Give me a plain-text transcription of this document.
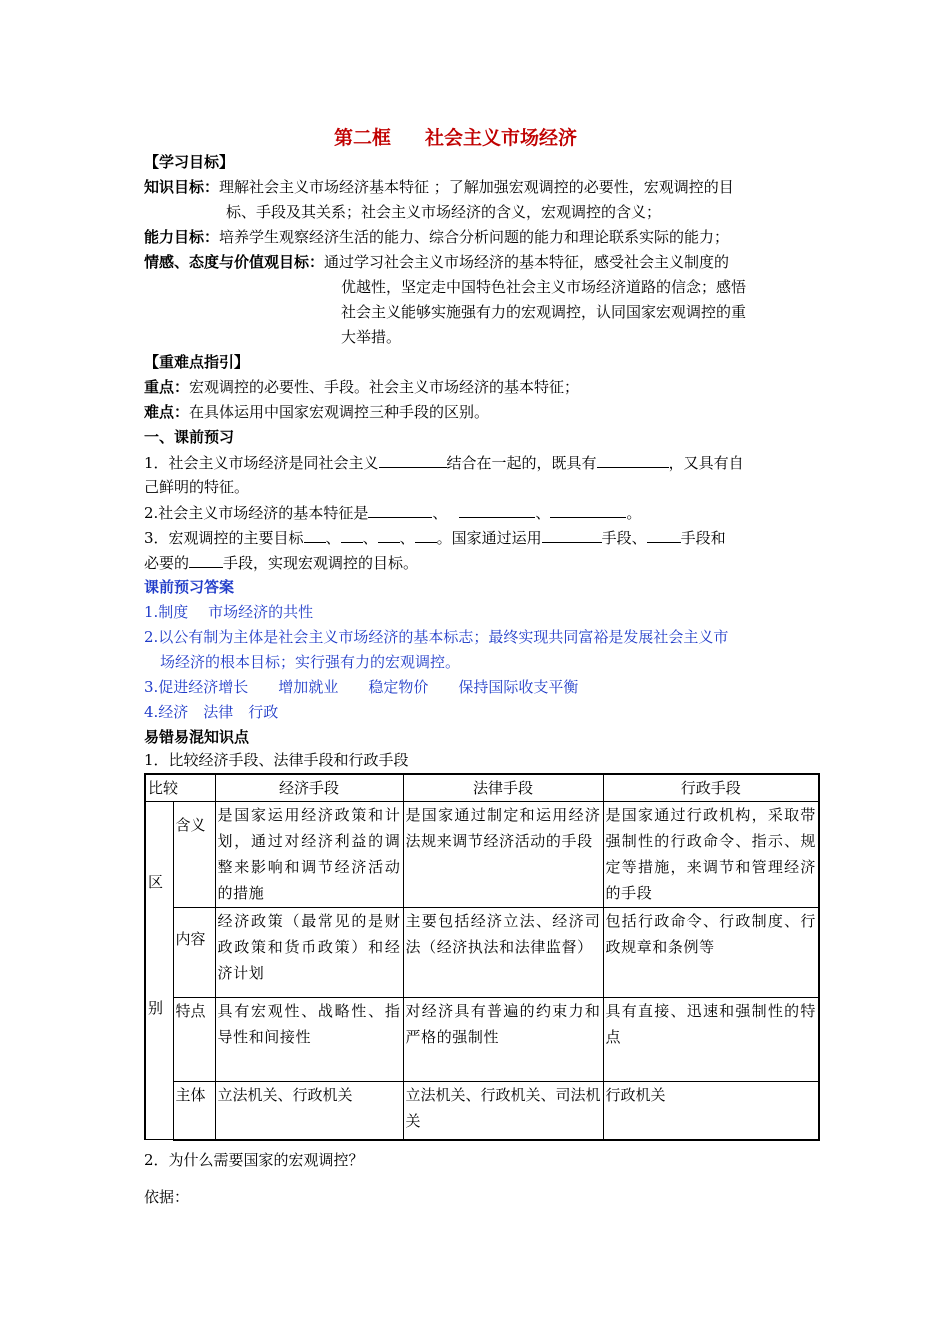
第二框 社会主义市场经济
【学习目标】
知识目标：理解社会主义市场经济基本特征 ；了解加强宏观调控的必要性，宏观调控的目
标、手段及其关系；社会主义市场经济的含义，宏观调控的含义；
能力目标：培养学生观察经济生活的能力、综合分析问题的能力和理论联系实际的能力；
情感、态度与价值观目标：通过学习社会主义市场经济的基本特征，感受社会主义制度的
优越性，坚定走中国特色社会主义市场经济道路的信念；感悟
社会主义能够实施强有力的宏观调控，认同国家宏观调控的重
大举措。
【重难点指引】
重点：宏观调控的必要性、手段。社会主义市场经济的基本特征；
难点：在具体运用中国家宏观调控三种手段的区别。
一、课前预习
1．社会主义市场经济是同社会主义	结合在一起的，既具有	，又具有自
己鲜明的特征。
2.社会主义市场经济的基本特征是	、	、	。
3．宏观调控的主要目标 、 、 、 。国家通过运用	手段、 手段和
必要的 手段，实现宏观调控的目标。
课前预习答案
1.制度　 市场经济的共性
2.以公有制为主体是社会主义市场经济的基本标志；最终实现共同富裕是发展社会主义市
场经济的根本目标；实行强有力的宏观调控。
3.促进经济增长　　增加就业　　稳定物价　　保持国际收支平衡
4.经济　法律　行政
易错易混知识点
1．比较经济手段、法律手段和行政手段
比较		经济手段	法律手段	行政手段

区
别	含义	是国家运用经济政策和计划，通过对经济利益的调整来影响和调节经济活动的措施	是国家通过制定和运用经济法规来调节经济活动的手段	是国家通过行政机构，采取带强制性的行政命令、指示、规定等措施，来调节和管理经济的手段
	内容	经济政策（最常见的是财政政策和货币政策）和经济计划	主要包括经济立法、经济司法（经济执法和法律监督）	包括行政命令、行政制度、行政规章和条例等
	特点	具有宏观性、战略性、指导性和间接性	对经济具有普遍的约束力和严格的强制性	具有直接、迅速和强制性的特点
	主体	立法机关、行政机关	立法机关、行政机关、司法机关	行政机关
2．为什么需要国家的宏观调控？
依据：
